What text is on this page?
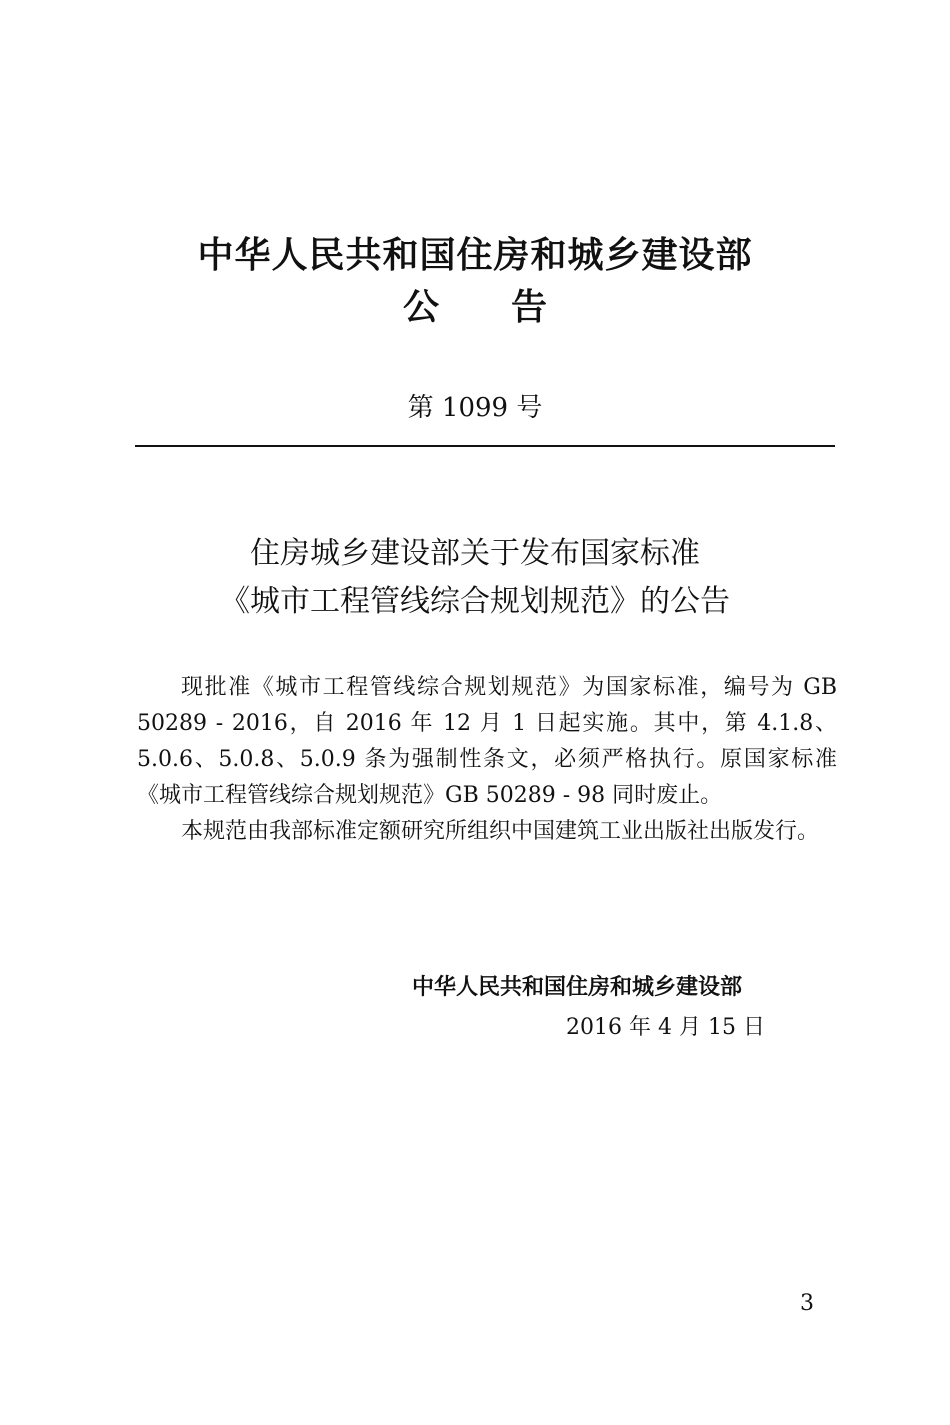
中华人民共和国住房和城乡建设部
公 告
第 1099 号
住房城乡建设部关于发布国家标准
《城市工程管线综合规划规范》的公告

现批准《城市工程管线综合规划规范》为国家标准，编号为 GB 50289 - 2016，自 2016 年 12 月 1 日起实施。其中，第 4.1.8、5.0.6、5.0.8、5.0.9 条为强制性条文，必须严格执行。原国家标准《城市工程管线综合规划规范》GB 50289 - 98 同时废止。

本规范由我部标准定额研究所组织中国建筑工业出版社出版发行。

中华人民共和国住房和城乡建设部
2016 年 4 月 15 日
3
